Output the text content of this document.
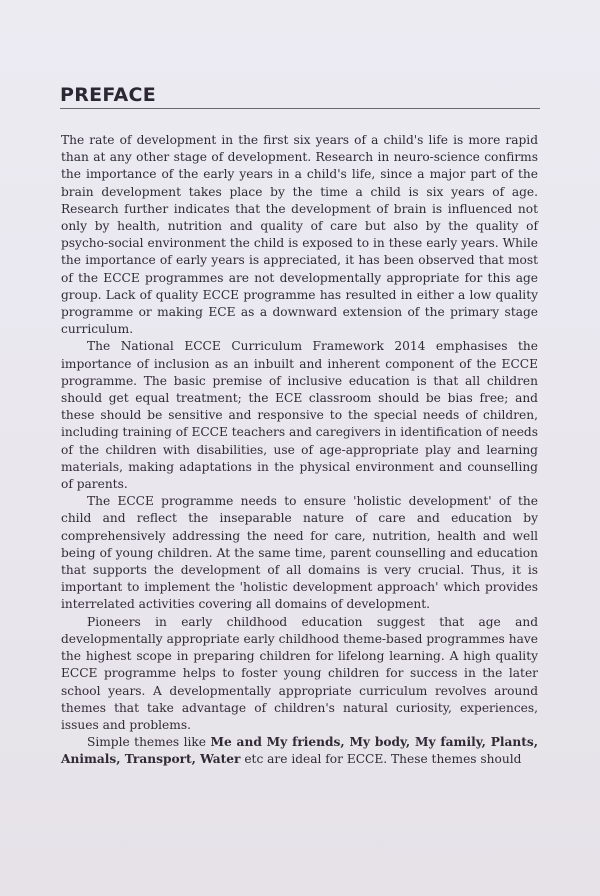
PREFACE

The rate of development in the first six years of a child's life is more rapid than at any other stage of development. Research in neuro-science confirms the importance of the early years in a child's life, since a major part of the brain development takes place by the time a child is six years of age. Research further indicates that the development of brain is influenced not only by health, nutrition and quality of care but also by the quality of psycho-social environment the child is exposed to in these early years. While the importance of early years is appreciated, it has been observed that most of the ECCE programmes are not developmentally appropriate for this age group. Lack of quality ECCE programme has resulted in either a low quality programme or making ECE as a downward extension of the primary stage curriculum.

The National ECCE Curriculum Framework 2014 emphasises the importance of inclusion as an inbuilt and inherent component of the ECCE programme. The basic premise of inclusive education is that all children should get equal treatment; the ECE classroom should be bias free; and these should be sensitive and responsive to the special needs of children, including training of ECCE teachers and caregivers in identification of needs of the children with disabilities, use of age-appropriate play and learning materials, making adaptations in the physical environment and counselling of parents.

The ECCE programme needs to ensure 'holistic development' of the child and reflect the inseparable nature of care and education by comprehensively addressing the need for care, nutrition, health and well being of young children. At the same time, parent counselling and education that supports the development of all domains is very crucial. Thus, it is important to implement the 'holistic development approach' which provides interrelated activities covering all domains of development.

Pioneers in early childhood education suggest that age and developmentally appropriate early childhood theme-based programmes have the highest scope in preparing children for lifelong learning. A high quality ECCE programme helps to foster young children for success in the later school years. A developmentally appropriate curriculum revolves around themes that take advantage of children's natural curiosity, experiences, issues and problems.

Simple themes like Me and My friends, My body, My family, Plants, Animals, Transport, Water etc are ideal for ECCE. These themes should
